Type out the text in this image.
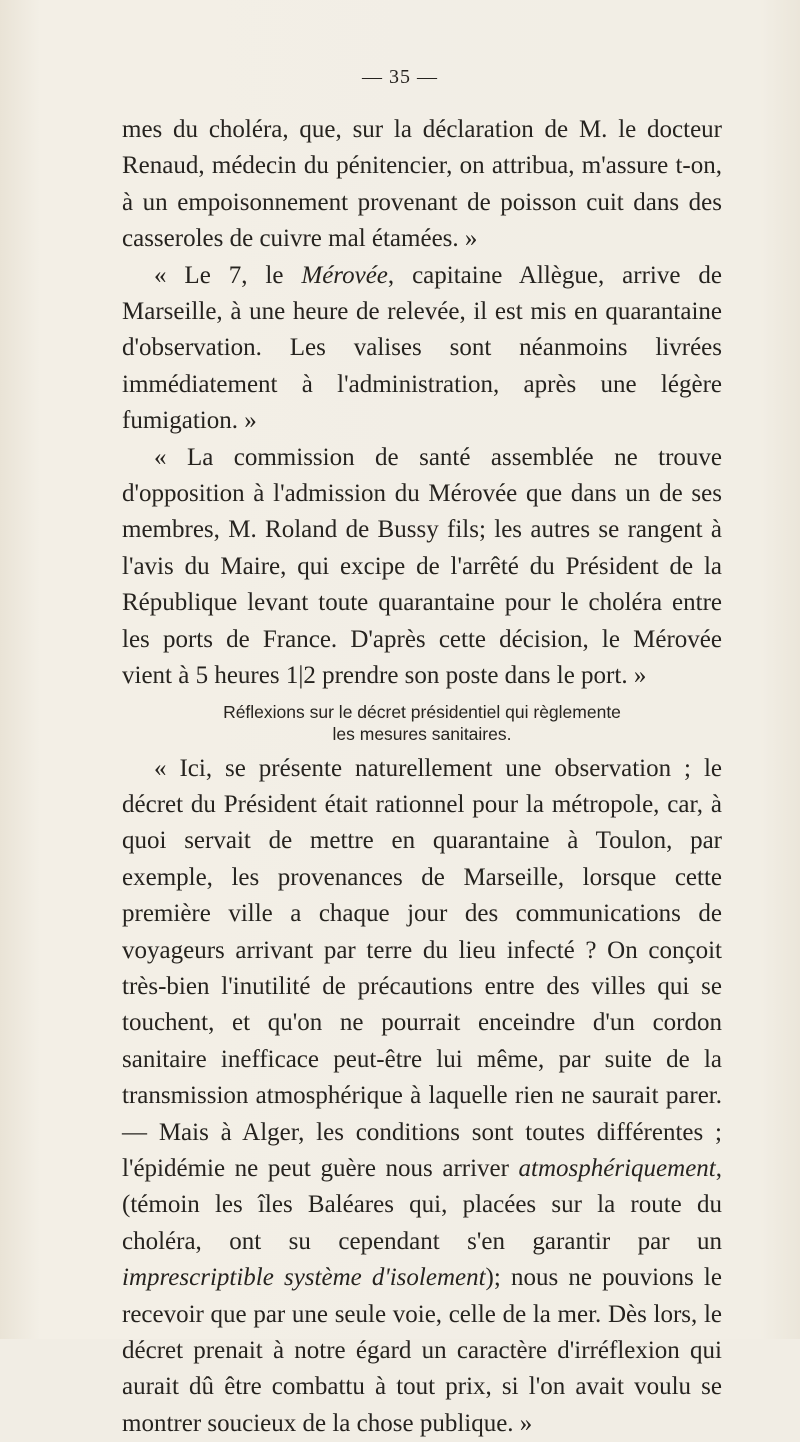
— 35 —

mes du choléra, que, sur la déclaration de M. le docteur Renaud, médecin du pénitencier, on attribua, m'assure t-on, à un empoisonnement provenant de poisson cuit dans des casseroles de cuivre mal étamées. »

« Le 7, le Mérovée, capitaine Allègue, arrive de Marseille, à une heure de relevée, il est mis en quarantaine d'observation. Les valises sont néanmoins livrées immédiatement à l'administration, après une légère fumigation. »

« La commission de santé assemblée ne trouve d'opposition à l'admission du Mérovée que dans un de ses membres, M. Roland de Bussy fils; les autres se rangent à l'avis du Maire, qui excipe de l'arrêté du Président de la République levant toute quarantaine pour le choléra entre les ports de France. D'après cette décision, le Mérovée vient à 5 heures 1|2 prendre son poste dans le port. »

Réflexions sur le décret présidentiel qui règlemente
les mesures sanitaires.

« Ici, se présente naturellement une observation ; le décret du Président était rationnel pour la métropole, car, à quoi servait de mettre en quarantaine à Toulon, par exemple, les provenances de Marseille, lorsque cette première ville a chaque jour des communications de voyageurs arrivant par terre du lieu infecté ? On conçoit très-bien l'inutilité de précautions entre des villes qui se touchent, et qu'on ne pourrait enceindre d'un cordon sanitaire inefficace peut-être lui même, par suite de la transmission atmosphérique à laquelle rien ne saurait parer. — Mais à Alger, les conditions sont toutes différentes ; l'épidémie ne peut guère nous arriver atmosphériquement, (témoin les îles Baléares qui, placées sur la route du choléra, ont su cependant s'en garantir par un imprescriptible système d'isolement); nous ne pouvions le recevoir que par une seule voie, celle de la mer. Dès lors, le décret prenait à notre égard un caractère d'irréflexion qui aurait dû être combattu à tout prix, si l'on avait voulu se montrer soucieux de la chose publique. »
